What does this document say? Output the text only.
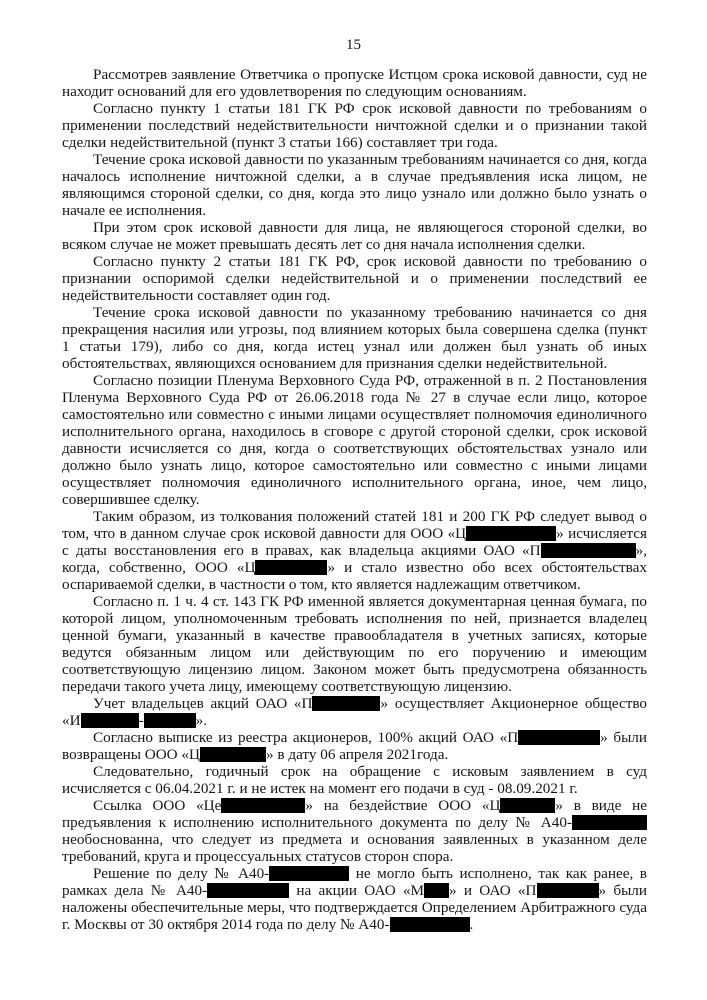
15

Рассмотрев заявление Ответчика о пропуске Истцом срока исковой давности, суд не находит оснований для его удовлетворения по следующим основаниям.

Согласно пункту 1 статьи 181 ГК РФ срок исковой давности по требованиям о применении последствий недействительности ничтожной сделки и о признании такой сделки недействительной (пункт 3 статьи 166) составляет три года.

Течение срока исковой давности по указанным требованиям начинается со дня, когда началось исполнение ничтожной сделки, а в случае предъявления иска лицом, не являющимся стороной сделки, со дня, когда это лицо узнало или должно было узнать о начале ее исполнения.

При этом срок исковой давности для лица, не являющегося стороной сделки, во всяком случае не может превышать десять лет со дня начала исполнения сделки.

Согласно пункту 2 статьи 181 ГК РФ, срок исковой давности по требованию о признании оспоримой сделки недействительной и о применении последствий ее недействительности составляет один год.

Течение срока исковой давности по указанному требованию начинается со дня прекращения насилия или угрозы, под влиянием которых была совершена сделка (пункт 1 статьи 179), либо со дня, когда истец узнал или должен был узнать об иных обстоятельствах, являющихся основанием для признания сделки недействительной.

Согласно позиции Пленума Верховного Суда РФ, отраженной в п. 2 Постановления Пленума Верховного Суда РФ от 26.06.2018 года № 27 в случае если лицо, которое самостоятельно или совместно с иными лицами осуществляет полномочия единоличного исполнительного органа, находилось в сговоре с другой стороной сделки, срок исковой давности исчисляется со дня, когда о соответствующих обстоятельствах узнало или должно было узнать лицо, которое самостоятельно или совместно с иными лицами осуществляет полномочия единоличного исполнительного органа, иное, чем лицо, совершившее сделку.

Таким образом, из толкования положений статей 181 и 200 ГК РФ следует вывод о том, что в данном случае срок исковой давности для ООО «Ц	» исчисляется с даты восстановления его в правах, как владельца акциями ОАО «П	», когда, собственно, ООО «Ц	» и стало известно обо всех обстоятельствах оспариваемой сделки, в частности о том, кто является надлежащим ответчиком.

Согласно п. 1 ч. 4 ст. 143 ГК РФ именной является документарная ценная бумага, по которой лицом, уполномоченным требовать исполнения по ней, признается владелец ценной бумаги, указанный в качестве правообладателя в учетных записях, которые ведутся обязанным лицом или действующим по его поручению и имеющим соответствующую лицензию лицом. Законом может быть предусмотрена обязанность передачи такого учета лицу, имеющему соответствующую лицензию.

Учет владельцев акций ОАО «П	» осуществляет Акционерное общество «И	-	».

Согласно выписке из реестра акционеров, 100% акций ОАО «П	» были возвращены ООО «Ц	» в дату 06 апреля 2021года.

Следовательно, годичный срок на обращение с исковым заявлением в суд исчисляется с 06.04.2021 г. и не истек на момент его подачи в суд - 08.09.2021 г.

Ссылка ООО «Це	» на бездействие ООО «Ц	» в виде не предъявления к исполнению исполнительного документа по делу № А40- необоснованна, что следует из предмета и основания заявленных в указанном деле требований, круга и процессуальных статусов сторон спора.

Решение по делу № А40-	не могло быть исполнено, так как ранее, в рамках дела № А40-	на акции ОАО «М » и ОАО «П	» были наложены обеспечительные меры, что подтверждается Определением Арбитражного суда г. Москвы от 30 октября 2014 года по делу № А40-	.
